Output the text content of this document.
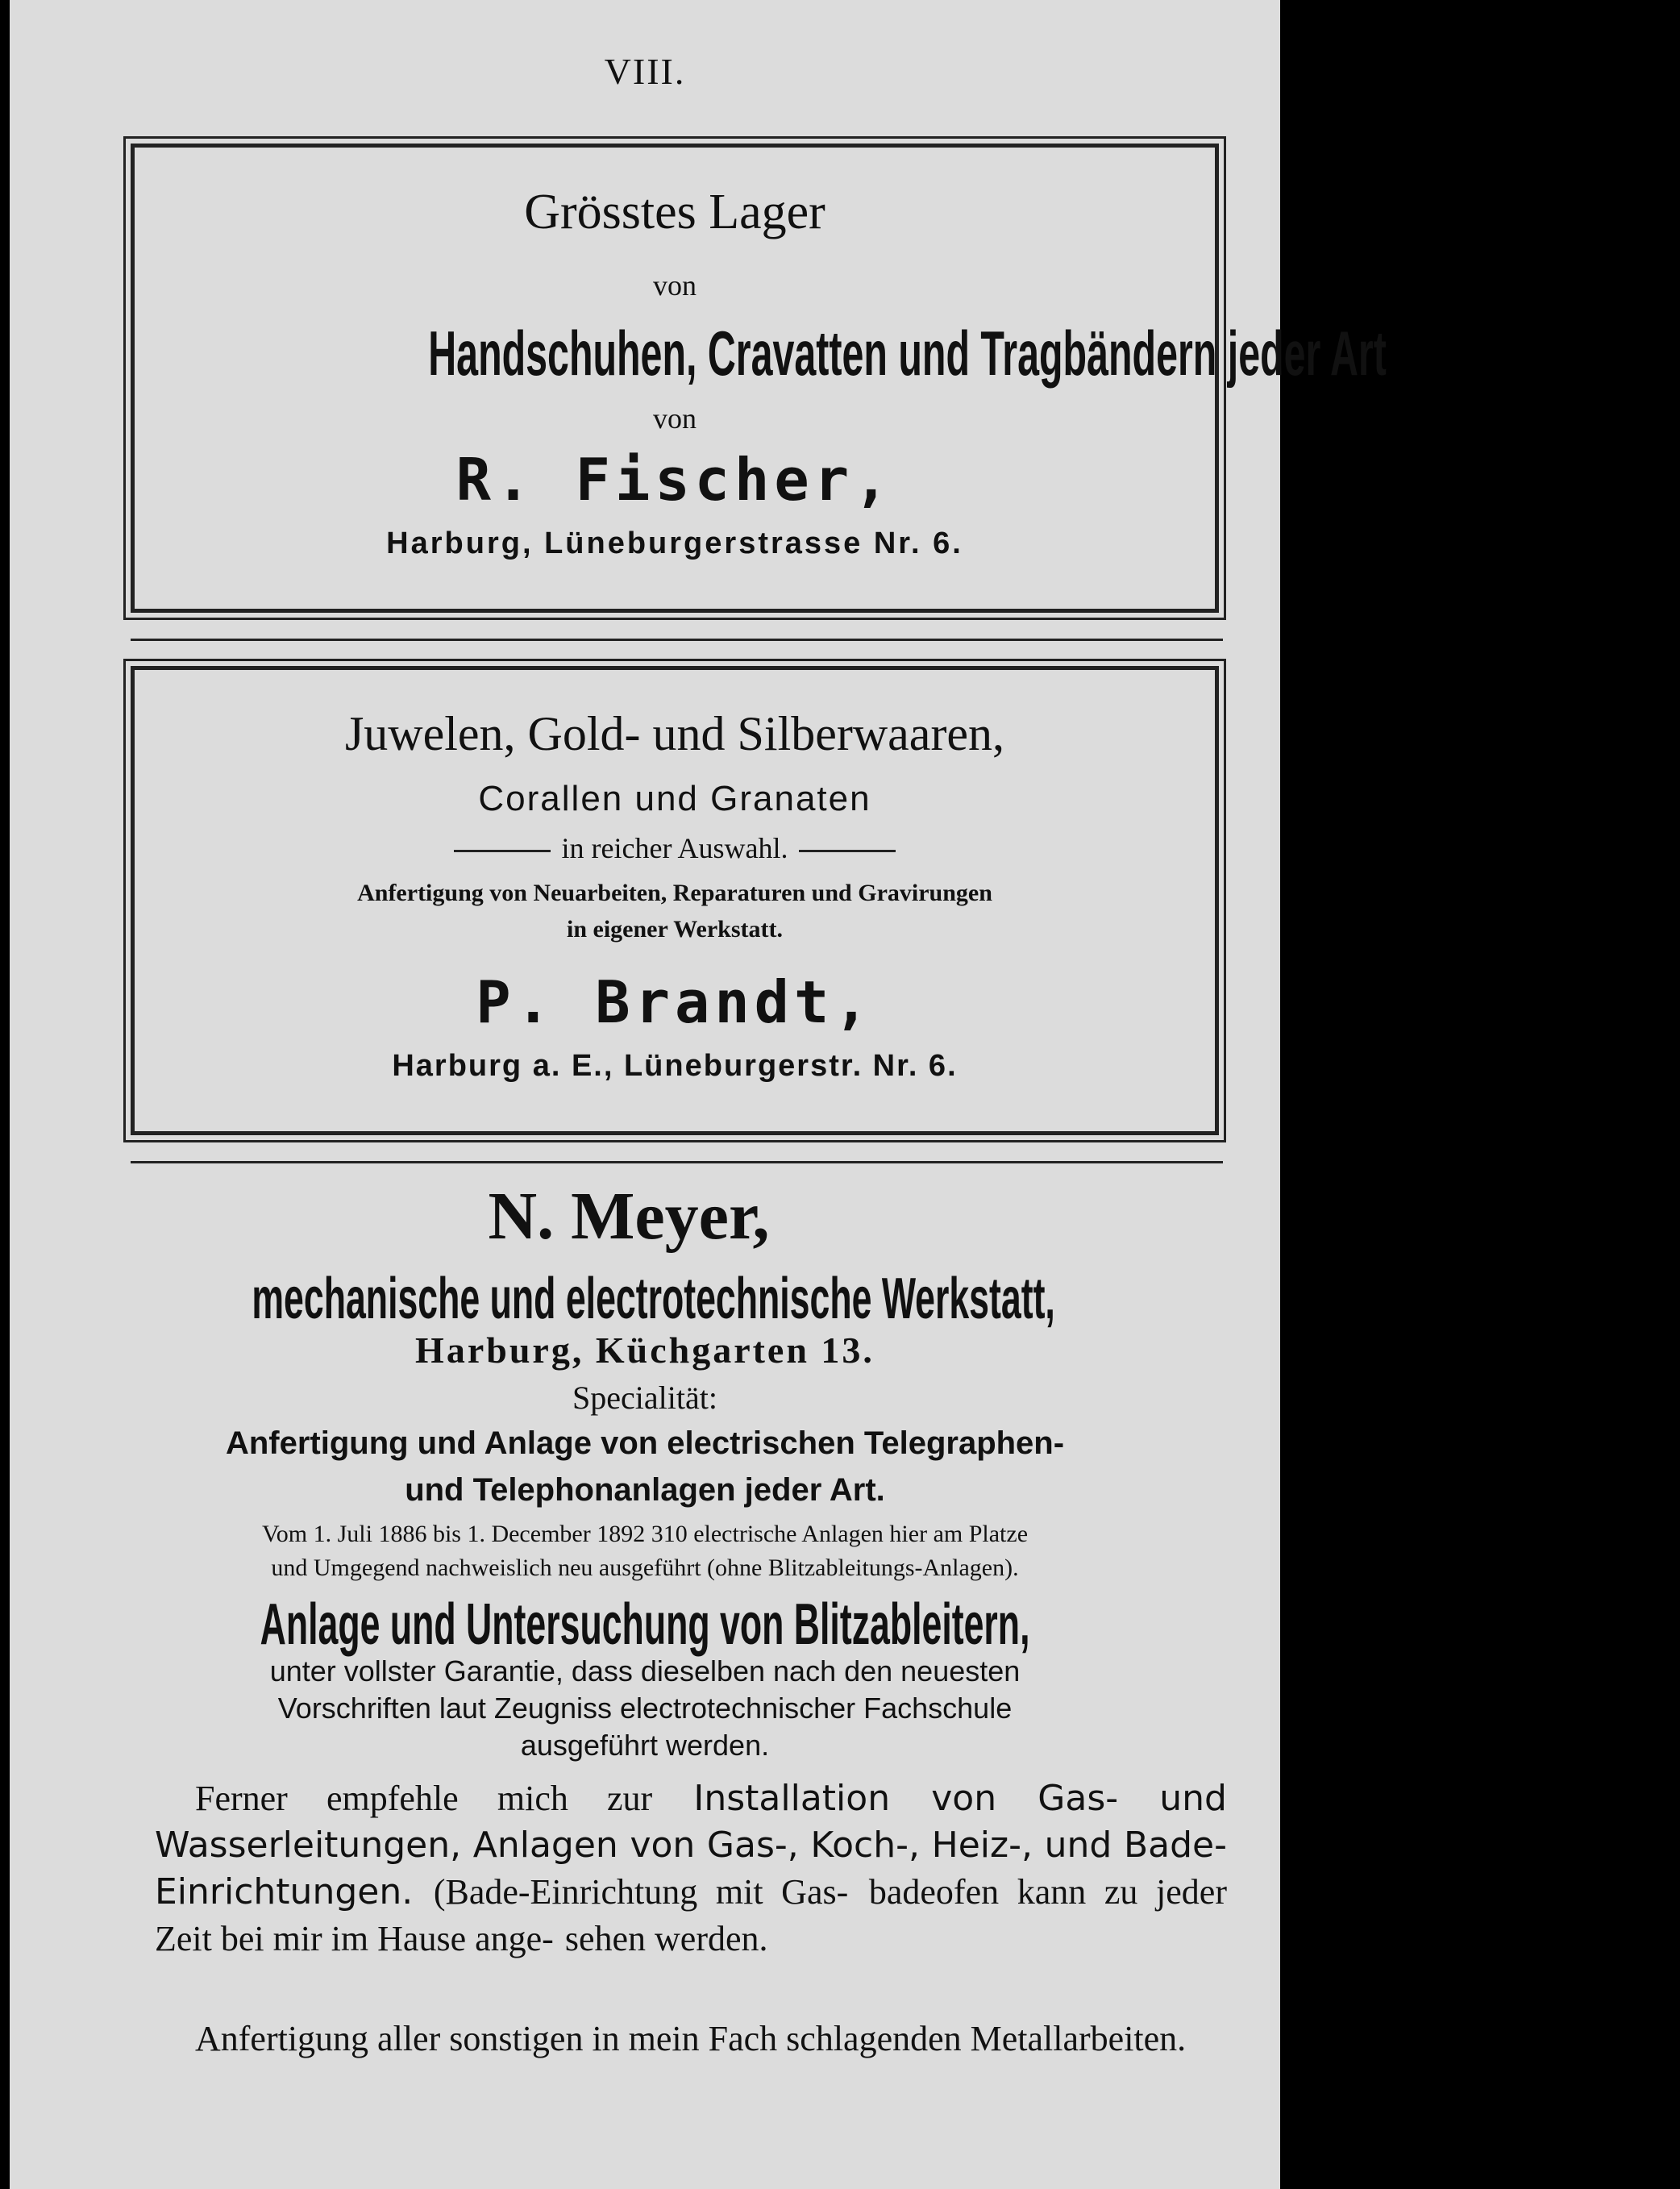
VIII.
Grösstes Lager
von
Handschuhen, Cravatten und Tragbändern jeder Art
von
R. Fischer,
Harburg, Lüneburgerstrasse Nr. 6.
Juwelen, Gold- und Silberwaaren,
Corallen und Granaten
in reicher Auswahl.
Anfertigung von Neuarbeiten, Reparaturen und Gravirungen
in eigener Werkstatt.
P. Brandt,
Harburg a. E., Lüneburgerstr. Nr. 6.
N. Meyer,
mechanische und electrotechnische Werkstatt,
Harburg, Küchgarten 13.
Specialität:
Anfertigung und Anlage von electrischen Telegraphen-
und Telephonanlagen jeder Art.
Vom 1. Juli 1886 bis 1. December 1892 310 electrische Anlagen hier am Platze
und Umgegend nachweislich neu ausgeführt (ohne Blitzableitungs-Anlagen).
Anlage und Untersuchung von Blitzableitern,
unter vollster Garantie, dass dieselben nach den neuesten
Vorschriften laut Zeugniss electrotechnischer Fachschule
ausgeführt werden.
Ferner empfehle mich zur Installation von Gas- und Wasserleitungen, Anlagen von Gas-, Koch-, Heiz-, und Bade-Einrichtungen. (Bade-Einrichtung mit Gas- badeofen kann zu jeder Zeit bei mir im Hause ange- sehen werden.
Anfertigung aller sonstigen in mein Fach schlagenden Metallarbeiten.
